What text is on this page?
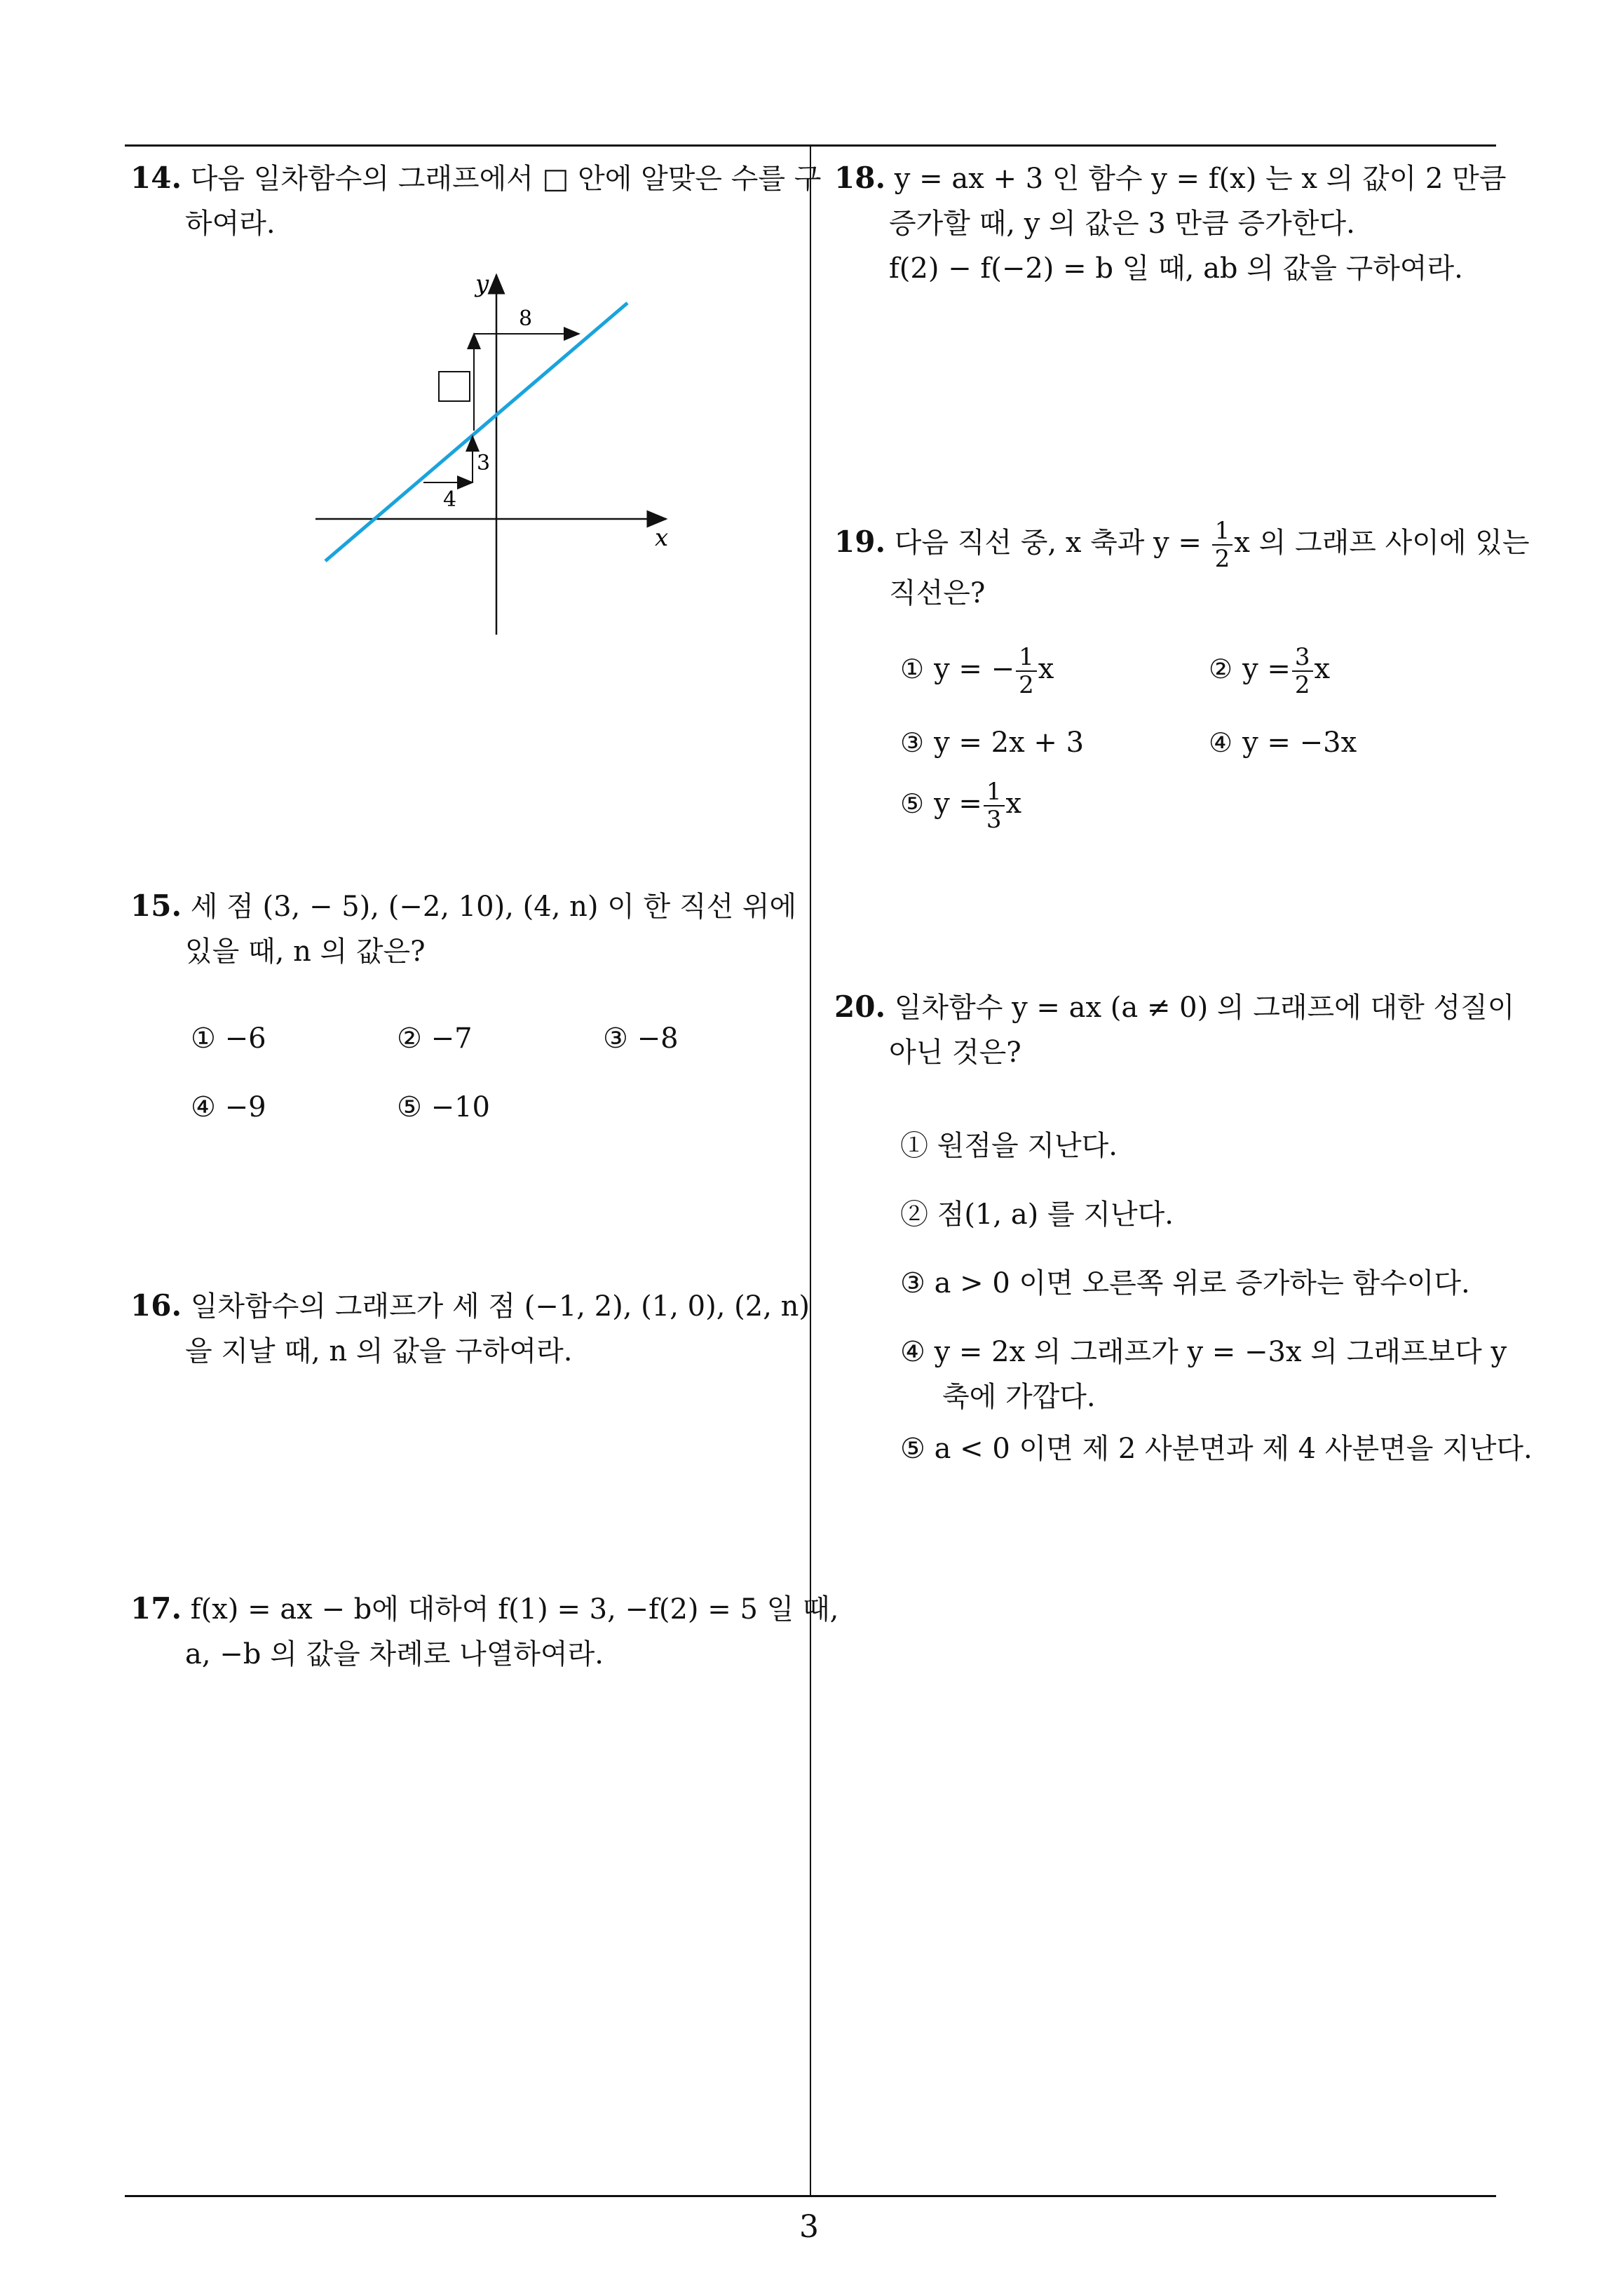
14. 다음 일차함수의 그래프에서 □ 안에 알맞은 수를 구
하여라.
y
x
4
3
8
15. 세 점 (3, − 5), (−2, 10), (4, n) 이 한 직선 위에
있을 때, n 의 값은?
① −6	② −7	③ −8
④ −9	⑤ −10
16. 일차함수의 그래프가 세 점 (−1, 2), (1, 0), (2, n)
을 지날 때, n 의 값을 구하여라.
17. f(x) = ax − b에 대하여 f(1) = 3, −f(2) = 5 일 때,
a, −b 의 값을 차례로 나열하여라.
18. y = ax + 3 인 함수 y = f(x) 는 x 의 값이 2 만큼
증가할 때, y 의 값은 3 만큼 증가한다.
f(2) − f(−2) = b 일 때, ab 의 값을 구하여라.
19. 다음 직선 중, x 축과 $y = \frac{1}{2}$ x 의 그래프 사이에 있는
직선은?
① y = − $\frac{1}{2}$ x	② $y = \frac{3}{2}$ x
③ y = 2x + 3	④ y = −3x
⑤ $y = \frac{1}{3}$ x
20. 일차함수 y = ax (a ≠ 0) 의 그래프에 대한 성질이
아닌 것은?
① 원점을 지난다.
② 점(1, a) 를 지난다.
③ a > 0 이면 오른쪽 위로 증가하는 함수이다.
④ y = 2x 의 그래프가 y = −3x 의 그래프보다 y
축에 가깝다.
⑤ a < 0 이면 제 2 사분면과 제 4 사분면을 지난다.
3
